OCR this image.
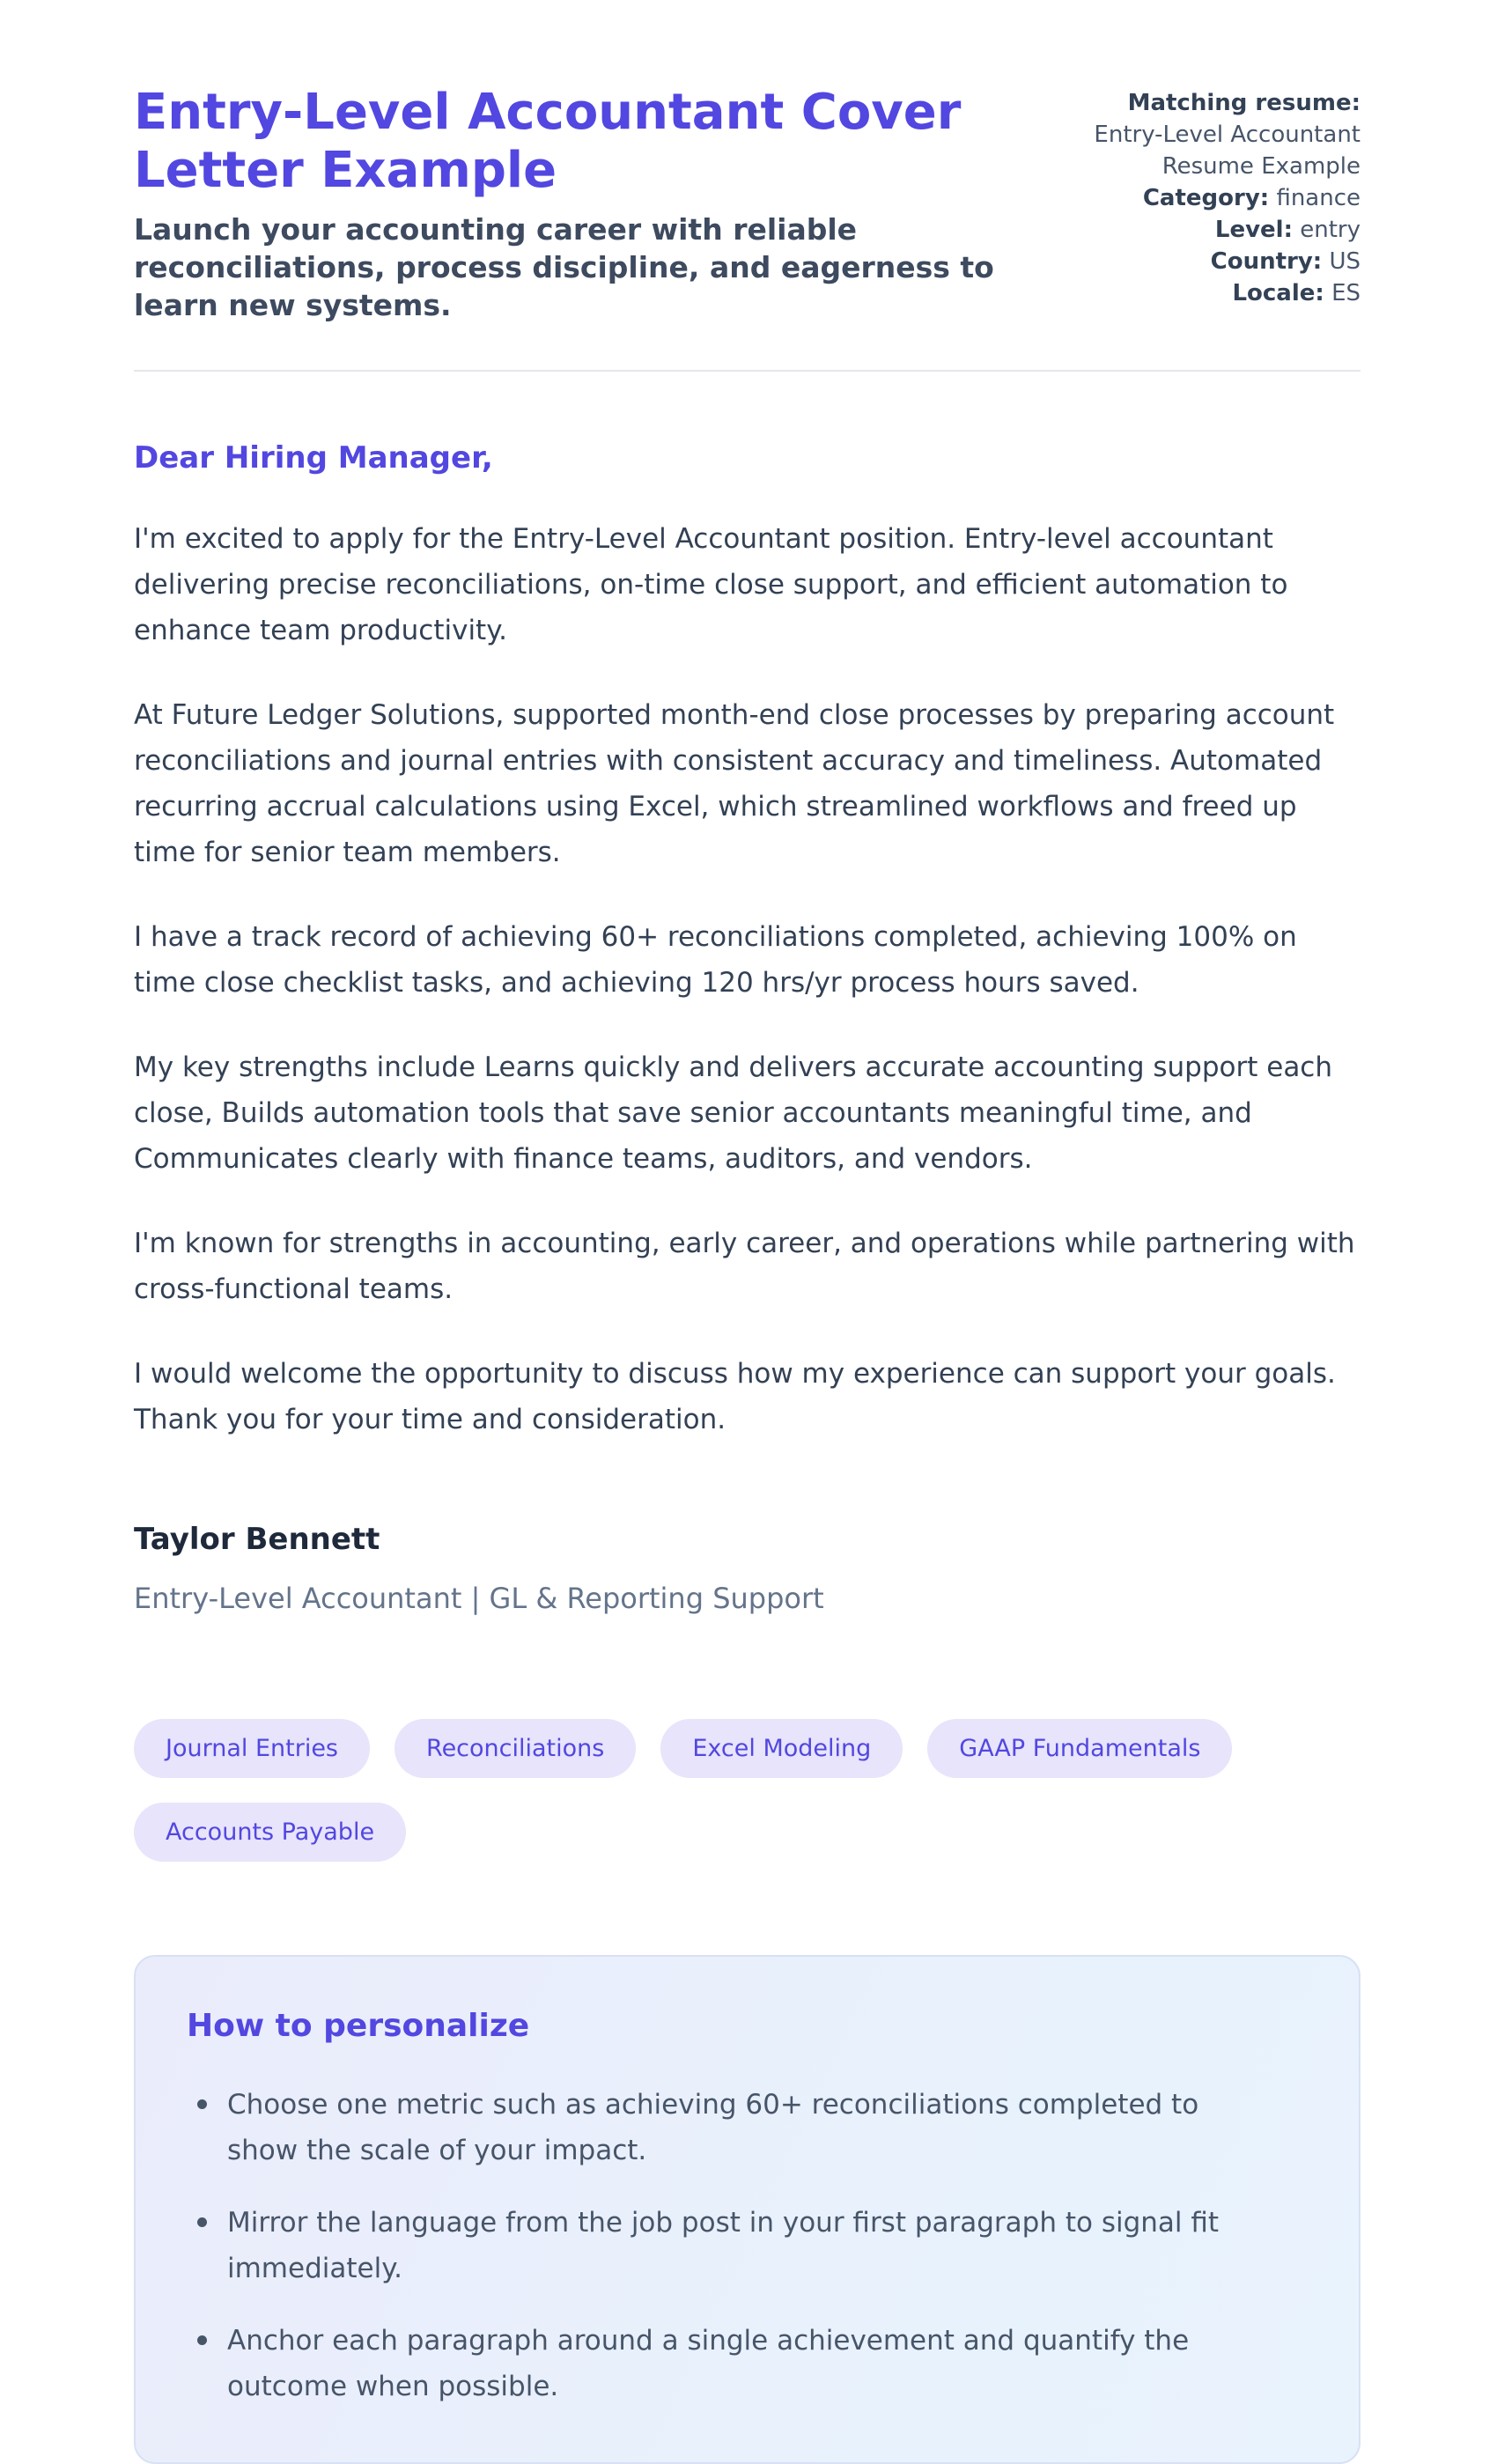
Entry-Level Accountant Cover Letter Example
Launch your accounting career with reliable reconciliations, process discipline, and eagerness to learn new systems.
Matching resume: Entry-Level Accountant Resume Example
Category: finance
Level: entry
Country: US
Locale: ES
Dear Hiring Manager,

I'm excited to apply for the Entry-Level Accountant position. Entry-level accountant delivering precise reconciliations, on-time close support, and efficient automation to enhance team productivity.

At Future Ledger Solutions, supported month-end close processes by preparing account reconciliations and journal entries with consistent accuracy and timeliness. Automated recurring accrual calculations using Excel, which streamlined workflows and freed up time for senior team members.

I have a track record of achieving 60+ reconciliations completed, achieving 100% on time close checklist tasks, and achieving 120 hrs/yr process hours saved.

My key strengths include Learns quickly and delivers accurate accounting support each close, Builds automation tools that save senior accountants meaningful time, and Communicates clearly with finance teams, auditors, and vendors.

I'm known for strengths in accounting, early career, and operations while partnering with cross-functional teams.

I would welcome the opportunity to discuss how my experience can support your goals. Thank you for your time and consideration.

Taylor Bennett
Entry-Level Accountant | GL & Reporting Support
Journal Entries	Reconciliations	Excel Modeling	GAAP Fundamentals
Accounts Payable
How to personalize
Choose one metric such as achieving 60+ reconciliations completed to show the scale of your impact.
Mirror the language from the job post in your first paragraph to signal fit immediately.
Anchor each paragraph around a single achievement and quantify the outcome when possible.
